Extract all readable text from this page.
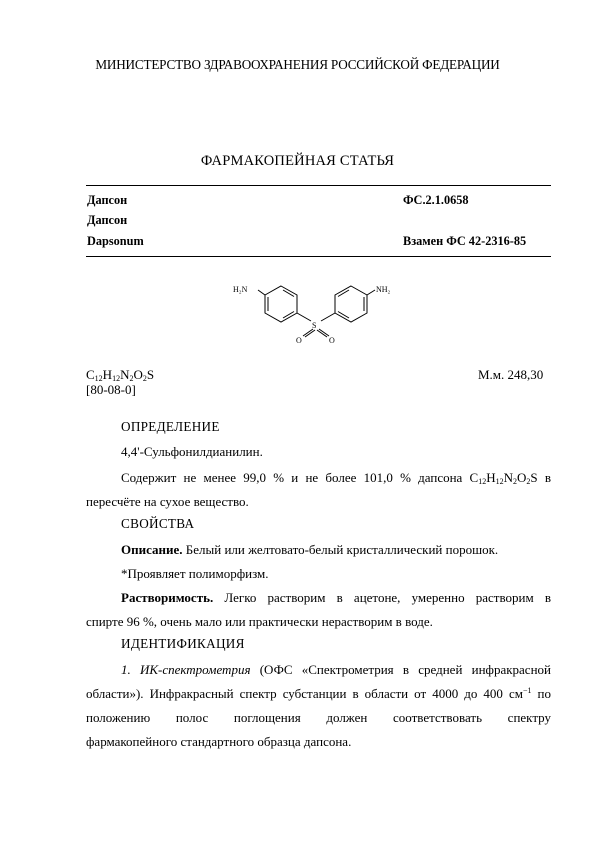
МИНИСТЕРСТВО ЗДРАВООХРАНЕНИЯ РОССИЙСКОЙ ФЕДЕРАЦИИ
ФАРМАКОПЕЙНАЯ СТАТЬЯ
Дапсон	ФС.2.1.0658
Дапсон
Dapsonum	Взамен ФС 42-2316-85
H₂N	NH₂
S
O	O
$C_{12}H_{12}N_2O_2S$	М.м. 248,30
[80-08-0]
ОПРЕДЕЛЕНИЕ
4,4'-Сульфонилдианилин.
Содержит не менее 99,0 % и не более 101,0 % дапсона $C_{12}H_{12}N_2O_2S$ в
пересчёте на сухое вещество.
СВОЙСТВА
Описание. Белый или желтовато-белый кристаллический порошок.
*Проявляет полиморфизм.
Растворимость. Легко растворим в ацетоне, умеренно растворим в
спирте 96 %, очень мало или практически нерастворим в воде.
ИДЕНТИФИКАЦИЯ
1. ИК-спектрометрия (ОФС «Спектрометрия в средней инфракрасной
области»). Инфракрасный спектр субстанции в области от 4000 до 400 $см^{-1}$ по
положению полос поглощения должен соответствовать спектру
фармакопейного стандартного образца дапсона.
